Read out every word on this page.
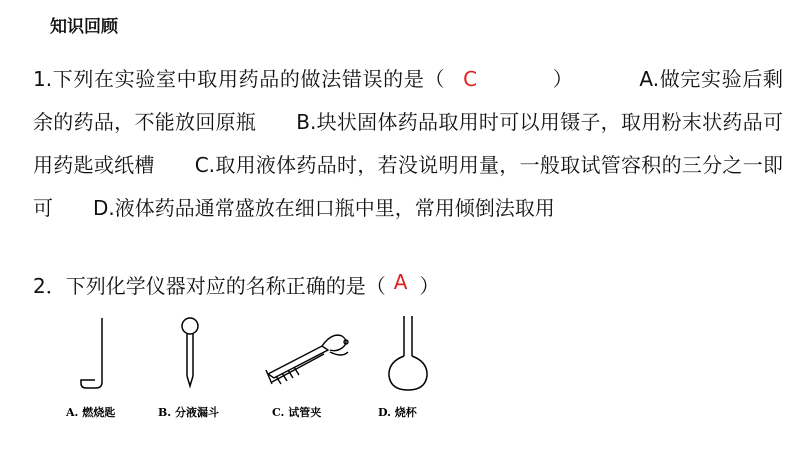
知识回顾
1.下列在实验室中取用药品的做法错误的是（ C	）	A.做完实验后剩余的药品，不能放回原瓶 B.块状固体药品取用时可以用镊子，取用粉末状药品可用药匙或纸槽 C.取用液体药品时，若没说明用量，一般取试管容积的三分之一即可 D.液体药品通常盛放在细口瓶中里，常用倾倒法取用
2．下列化学仪器对应的名称正确的是（ A ）
A. 燃烧匙	B. 分液漏斗	C. 试管夹	D. 烧杯
